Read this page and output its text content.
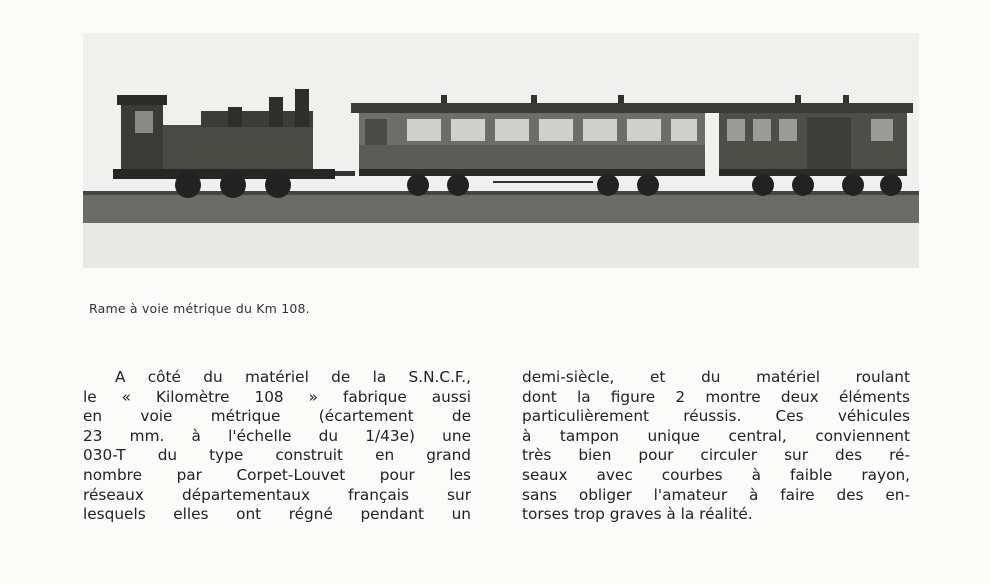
Rame à voie métrique du Km 108.
A côté du matériel de la S.N.C.F.,
le « Kilomètre 108 » fabrique aussi
en voie métrique (écartement de
23 mm. à l'échelle du 1/43e) une
030-T du type construit en grand
nombre par Corpet-Louvet pour les
réseaux départementaux français sur
lesquels elles ont régné pendant un
demi-siècle, et du matériel roulant
dont la figure 2 montre deux éléments
particulièrement réussis. Ces véhicules
à tampon unique central, conviennent
très bien pour circuler sur des ré-
seaux avec courbes à faible rayon,
sans obliger l'amateur à faire des en-
torses trop graves à la réalité.
